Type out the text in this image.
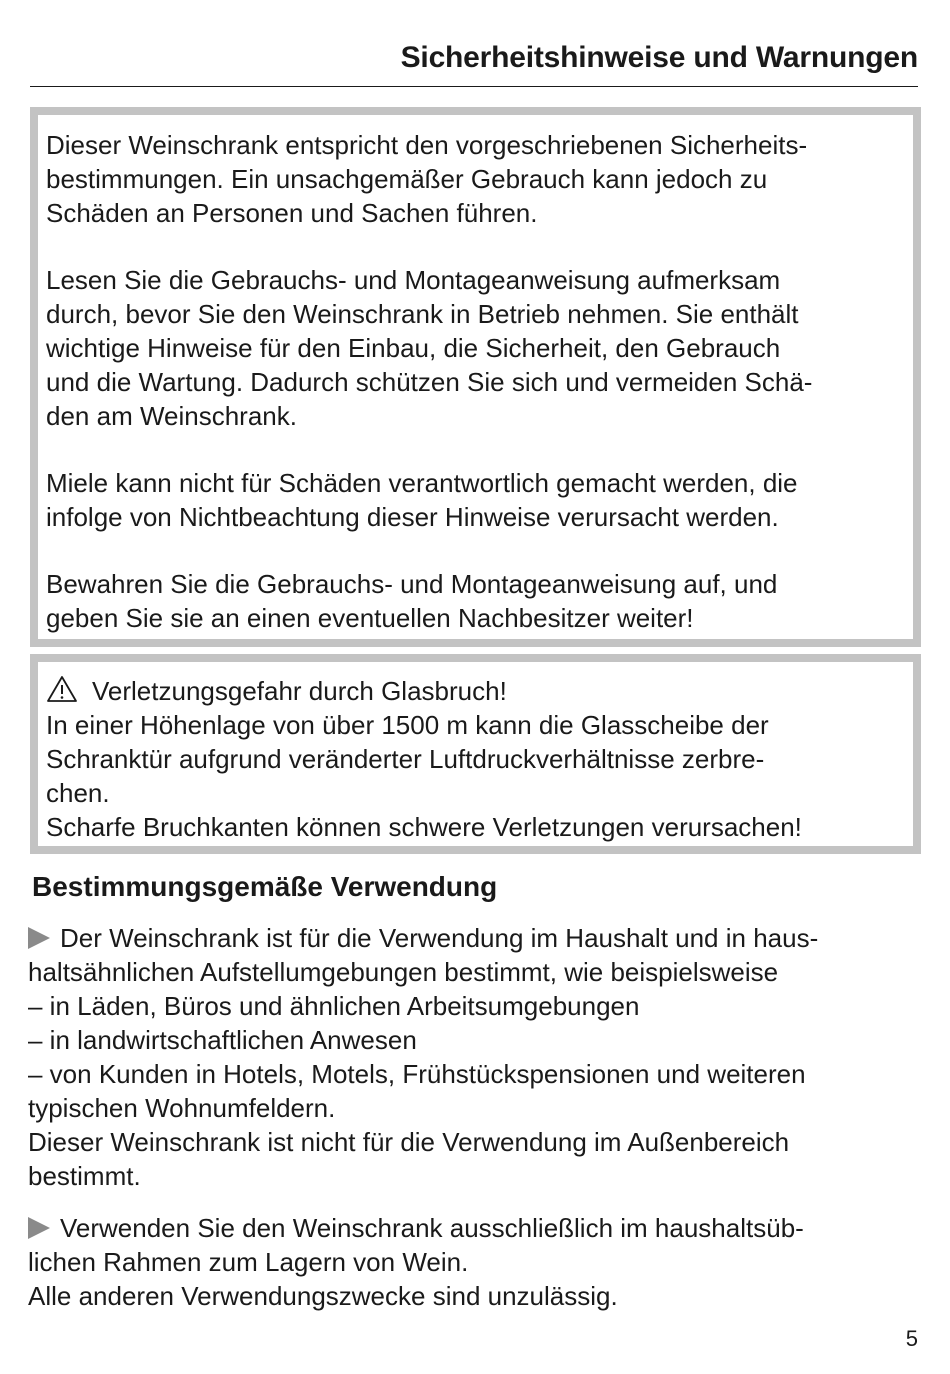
Sicherheitshinweise und Warnungen

Dieser Weinschrank entspricht den vorgeschriebenen Sicherheits-
bestimmungen. Ein unsachgemäßer Gebrauch kann jedoch zu
Schäden an Personen und Sachen führen.

Lesen Sie die Gebrauchs- und Montageanweisung aufmerksam
durch, bevor Sie den Weinschrank in Betrieb nehmen. Sie enthält
wichtige Hinweise für den Einbau, die Sicherheit, den Gebrauch
und die Wartung. Dadurch schützen Sie sich und vermeiden Schä-
den am Weinschrank.

Miele kann nicht für Schäden verantwortlich gemacht werden, die
infolge von Nichtbeachtung dieser Hinweise verursacht werden.

Bewahren Sie die Gebrauchs- und Montageanweisung auf, und
geben Sie sie an einen eventuellen Nachbesitzer weiter!

Verletzungsgefahr durch Glasbruch!
In einer Höhenlage von über 1500 m kann die Glasscheibe der
Schranktür aufgrund veränderter Luftdruckverhältnisse zerbre-
chen.
Scharfe Bruchkanten können schwere Verletzungen verursachen!

Bestimmungsgemäße Verwendung

Der Weinschrank ist für die Verwendung im Haushalt und in haus-
haltsähnlichen Aufstellumgebungen bestimmt, wie beispielsweise
– in Läden, Büros und ähnlichen Arbeitsumgebungen
– in landwirtschaftlichen Anwesen
– von Kunden in Hotels, Motels, Frühstückspensionen und weiteren
typischen Wohnumfeldern.
Dieser Weinschrank ist nicht für die Verwendung im Außenbereich
bestimmt.

Verwenden Sie den Weinschrank ausschließlich im haushaltsüb-
lichen Rahmen zum Lagern von Wein.
Alle anderen Verwendungszwecke sind unzulässig.

5
